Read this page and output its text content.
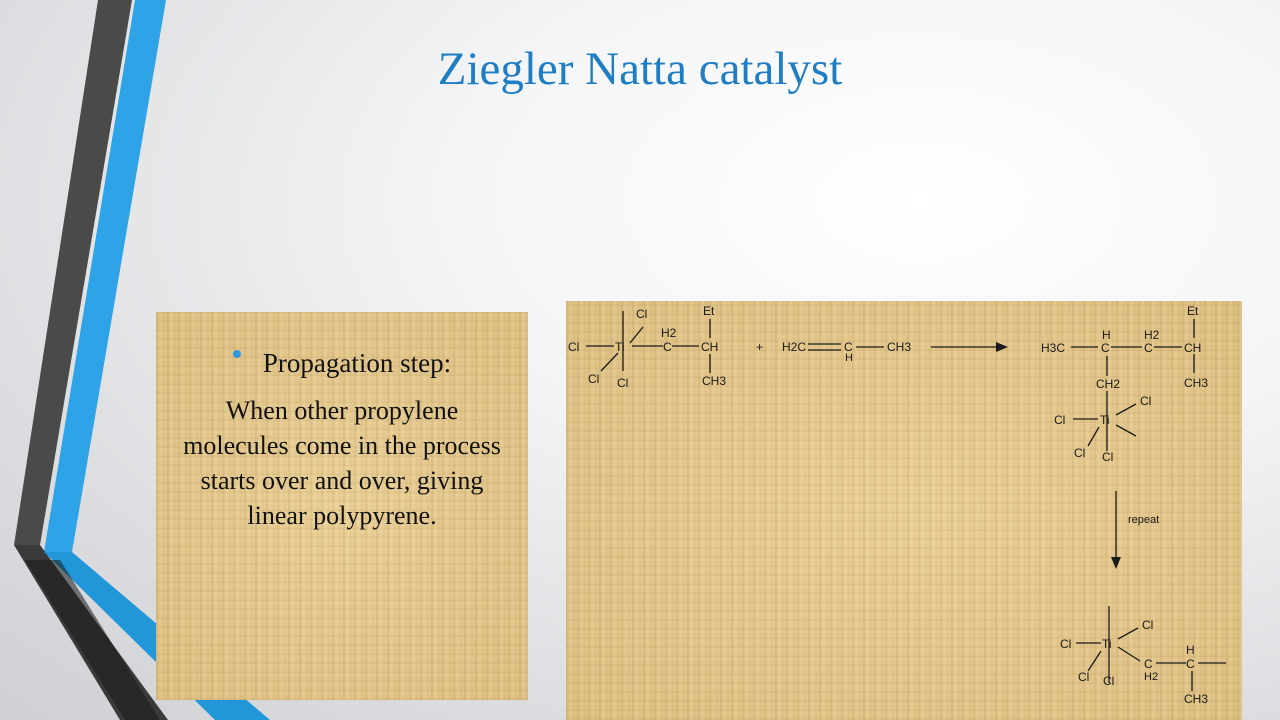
Ziegler Natta catalyst
Propagation step:
When other propylene molecules come in the process starts over and over, giving linear polypyrene.
Cl
Cl	Ti
Cl Cl
H2
C
Et
CH
CH3
+ H2C	C
H
CH3	H3C
H
C
H2
C
Et
CH
CH3
CH2
Ti
Cl
Cl
Cl Cl
repeat
Ti
Cl
Cl
Cl Cl
C
H2
H
C
CH3
